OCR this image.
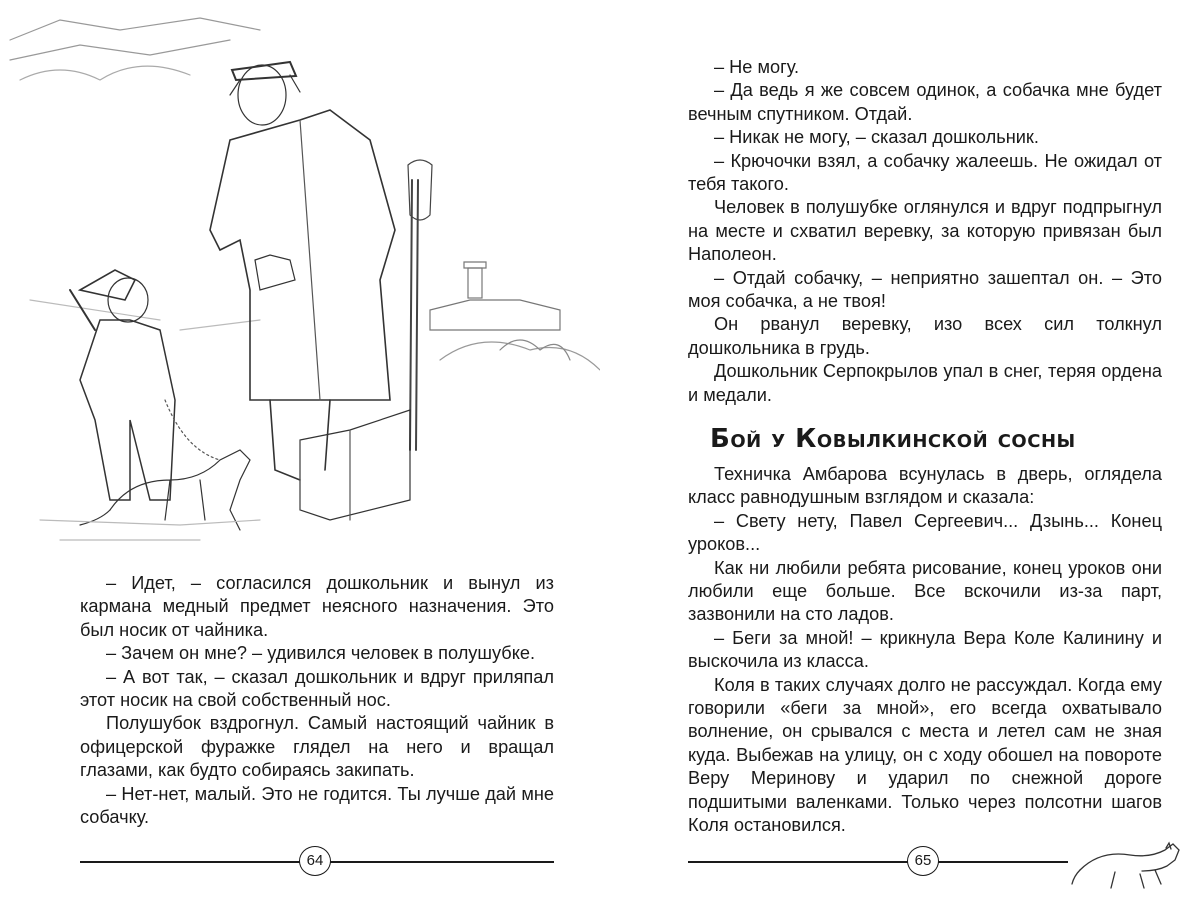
– Идет, – согласился дошкольник и вынул из кармана медный предмет неясного назначения. Это был носик от чайника.

– Зачем он мне? – удивился человек в полушубке.

– А вот так, – сказал дошкольник и вдруг приляпал этот носик на свой собственный нос.

Полушубок вздрогнул. Самый настоящий чайник в офицерской фуражке глядел на него и вращал глазами, как будто собираясь закипать.

– Нет-нет, малый. Это не годится. Ты лучше дай мне собачку.

64

– Не могу.

– Да ведь я же совсем одинок, а собачка мне будет вечным спутником. Отдай.

– Никак не могу, – сказал дошкольник.

– Крючочки взял, а собачку жалеешь. Не ожидал от тебя такого.

Человек в полушубке оглянулся и вдруг подпрыгнул на месте и схватил веревку, за которую привязан был Наполеон.

– Отдай собачку, – неприятно зашептал он. – Это моя собачка, а не твоя!

Он рванул веревку, изо всех сил толкнул дошкольника в грудь.

Дошкольник Серпокрылов упал в снег, теряя ордена и медали.

Бой у Ковылкинской сосны

Техничка Амбарова всунулась в дверь, оглядела класс равнодушным взглядом и сказала:

– Свету нету, Павел Сергеевич... Дзынь... Конец уроков...

Как ни любили ребята рисование, конец уроков они любили еще больше. Все вскочили из-за парт, зазвонили на сто ладов.

– Беги за мной! – крикнула Вера Коле Калинину и выскочила из класса.

Коля в таких случаях долго не рассуждал. Когда ему говорили «беги за мной», его всегда охватывало волнение, он срывался с места и летел сам не зная куда. Выбежав на улицу, он с ходу обошел на повороте Веру Меринову и ударил по снежной дороге подшитыми валенками. Только через полсотни шагов Коля остановился.

65
